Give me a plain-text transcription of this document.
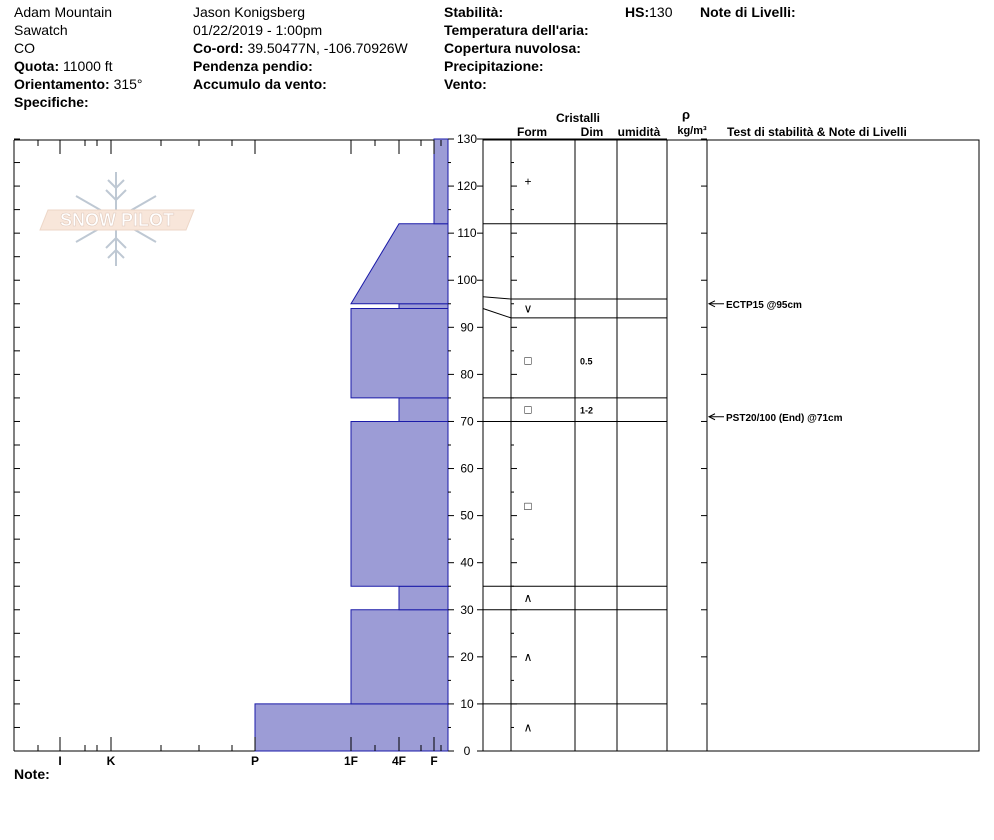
Adam Mountain
Sawatch
CO
Quota: 11000 ft
Orientamento: 315°
Specifiche:
Jason Konigsberg
01/22/2019 - 1:00pm
Co-ord: 39.50477N, -106.70926W
Pendenza pendio:
Accumulo da vento:
Stabilità:
Temperatura dell'aria:
Copertura nuvolosa:
Precipitazione:
Vento:
HS:130 Note di Livelli:
Note:
SNOW PILOT
I	K	P	1F	4F F
0
10
20
30
40
50
60
70
80
90
100
110
120
130
+
∨
□	0.5
□	1-2
□
∧
∧
∧
ECTP15 @95cm
PST20/100 (End) @71cm
Cristalli
Form	Dim umidità
ρ
kg/m³ Test di stabilità & Note di Livelli
